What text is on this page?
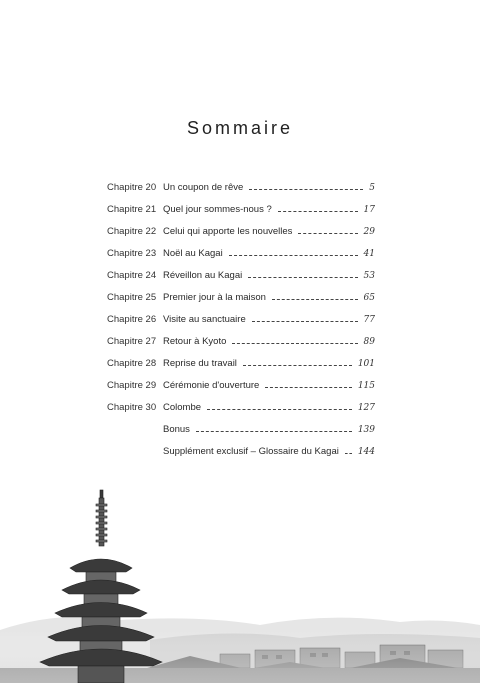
Sommaire
Chapitre 20 Un coupon de rêve	5
Chapitre 21 Quel jour sommes-nous ?	17
Chapitre 22 Celui qui apporte les nouvelles	29
Chapitre 23 Noël au Kagai	41
Chapitre 24 Réveillon au Kagai	53
Chapitre 25 Premier jour à la maison	65
Chapitre 26 Visite au sanctuaire	77
Chapitre 27 Retour à Kyoto	89
Chapitre 28 Reprise du travail	101
Chapitre 29 Cérémonie d'ouverture	115
Chapitre 30 Colombe	127
Bonus	139
Supplément exclusif – Glossaire du Kagai 144
